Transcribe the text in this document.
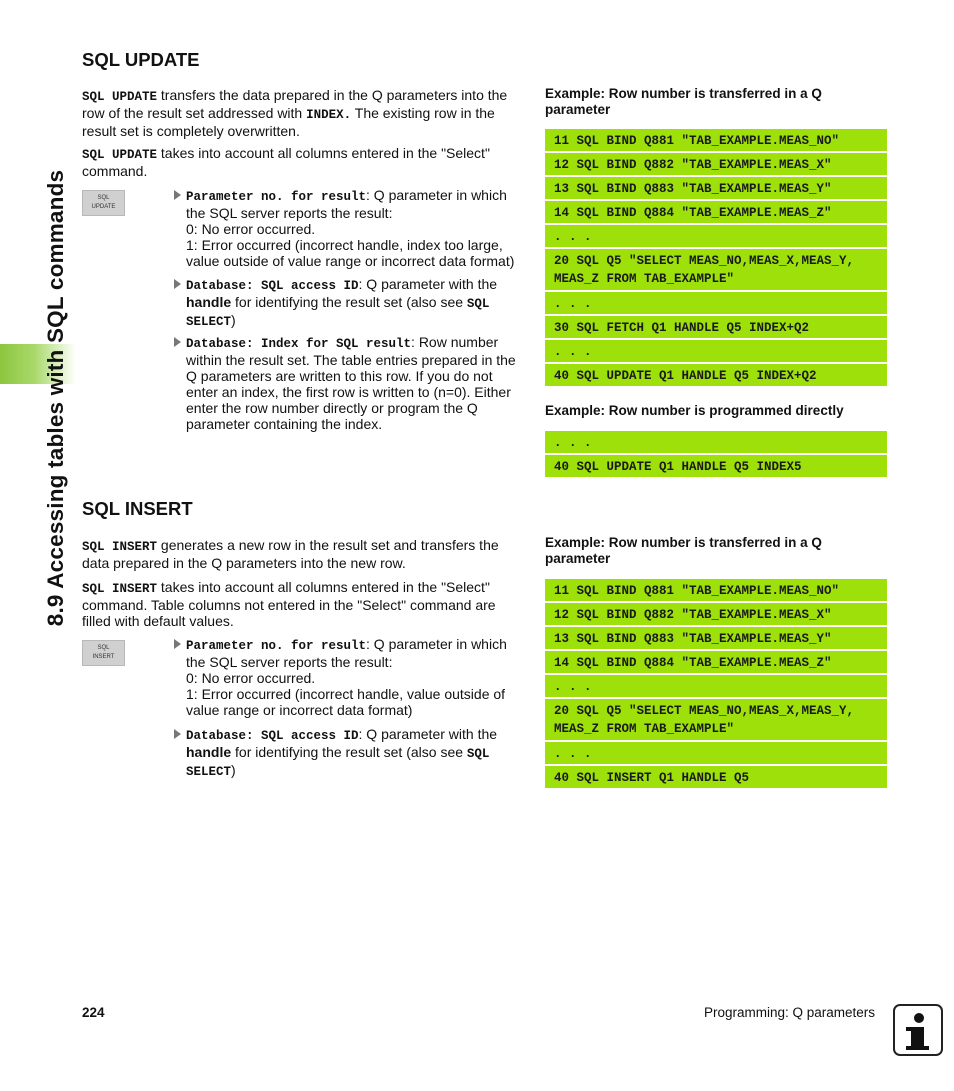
8.9 Accessing tables with SQL commands
SQL UPDATE

SQL UPDATE transfers the data prepared in the Q parameters into the row of the result set addressed with INDEX. The existing row in the result set is completely overwritten.

SQL UPDATE takes into account all columns entered in the "Select" command.

SQL
UPDATE
Parameter no. for result: Q parameter in which the SQL server reports the result:
0: No error occurred.
1: Error occurred (incorrect handle, index too large, value outside of value range or incorrect data format)
Database: SQL access ID: Q parameter with the handle for identifying the result set (also see SQL SELECT)
Database: Index for SQL result: Row number within the result set. The table entries prepared in the Q parameters are written to this row. If you do not enter an index, the first row is written to (n=0). Either enter the row number directly or program the Q parameter containing the index.
Example: Row number is transferred in a Q parameter
11 SQL BIND Q881 "TAB_EXAMPLE.MEAS_NO"
12 SQL BIND Q882 "TAB_EXAMPLE.MEAS_X"
13 SQL BIND Q883 "TAB_EXAMPLE.MEAS_Y"
14 SQL BIND Q884 "TAB_EXAMPLE.MEAS_Z"
. . .
20 SQL Q5 "SELECT MEAS_NO,MEAS_X,MEAS_Y,
MEAS_Z FROM TAB_EXAMPLE"
. . .
30 SQL FETCH Q1 HANDLE Q5 INDEX+Q2
. . .
40 SQL UPDATE Q1 HANDLE Q5 INDEX+Q2
Example: Row number is programmed directly
. . .
40 SQL UPDATE Q1 HANDLE Q5 INDEX5
SQL INSERT

SQL INSERT generates a new row in the result set and transfers the data prepared in the Q parameters into the new row.

SQL INSERT takes into account all columns entered in the "Select" command. Table columns not entered in the "Select" command are filled with default values.

SQL
INSERT
Parameter no. for result: Q parameter in which the SQL server reports the result:
0: No error occurred.
1: Error occurred (incorrect handle, value outside of value range or incorrect data format)
Database: SQL access ID: Q parameter with the handle for identifying the result set (also see SQL SELECT)
Example: Row number is transferred in a Q parameter
11 SQL BIND Q881 "TAB_EXAMPLE.MEAS_NO"
12 SQL BIND Q882 "TAB_EXAMPLE.MEAS_X"
13 SQL BIND Q883 "TAB_EXAMPLE.MEAS_Y"
14 SQL BIND Q884 "TAB_EXAMPLE.MEAS_Z"
. . .
20 SQL Q5 "SELECT MEAS_NO,MEAS_X,MEAS_Y,
MEAS_Z FROM TAB_EXAMPLE"
. . .
40 SQL INSERT Q1 HANDLE Q5
224	Programming: Q parameters
